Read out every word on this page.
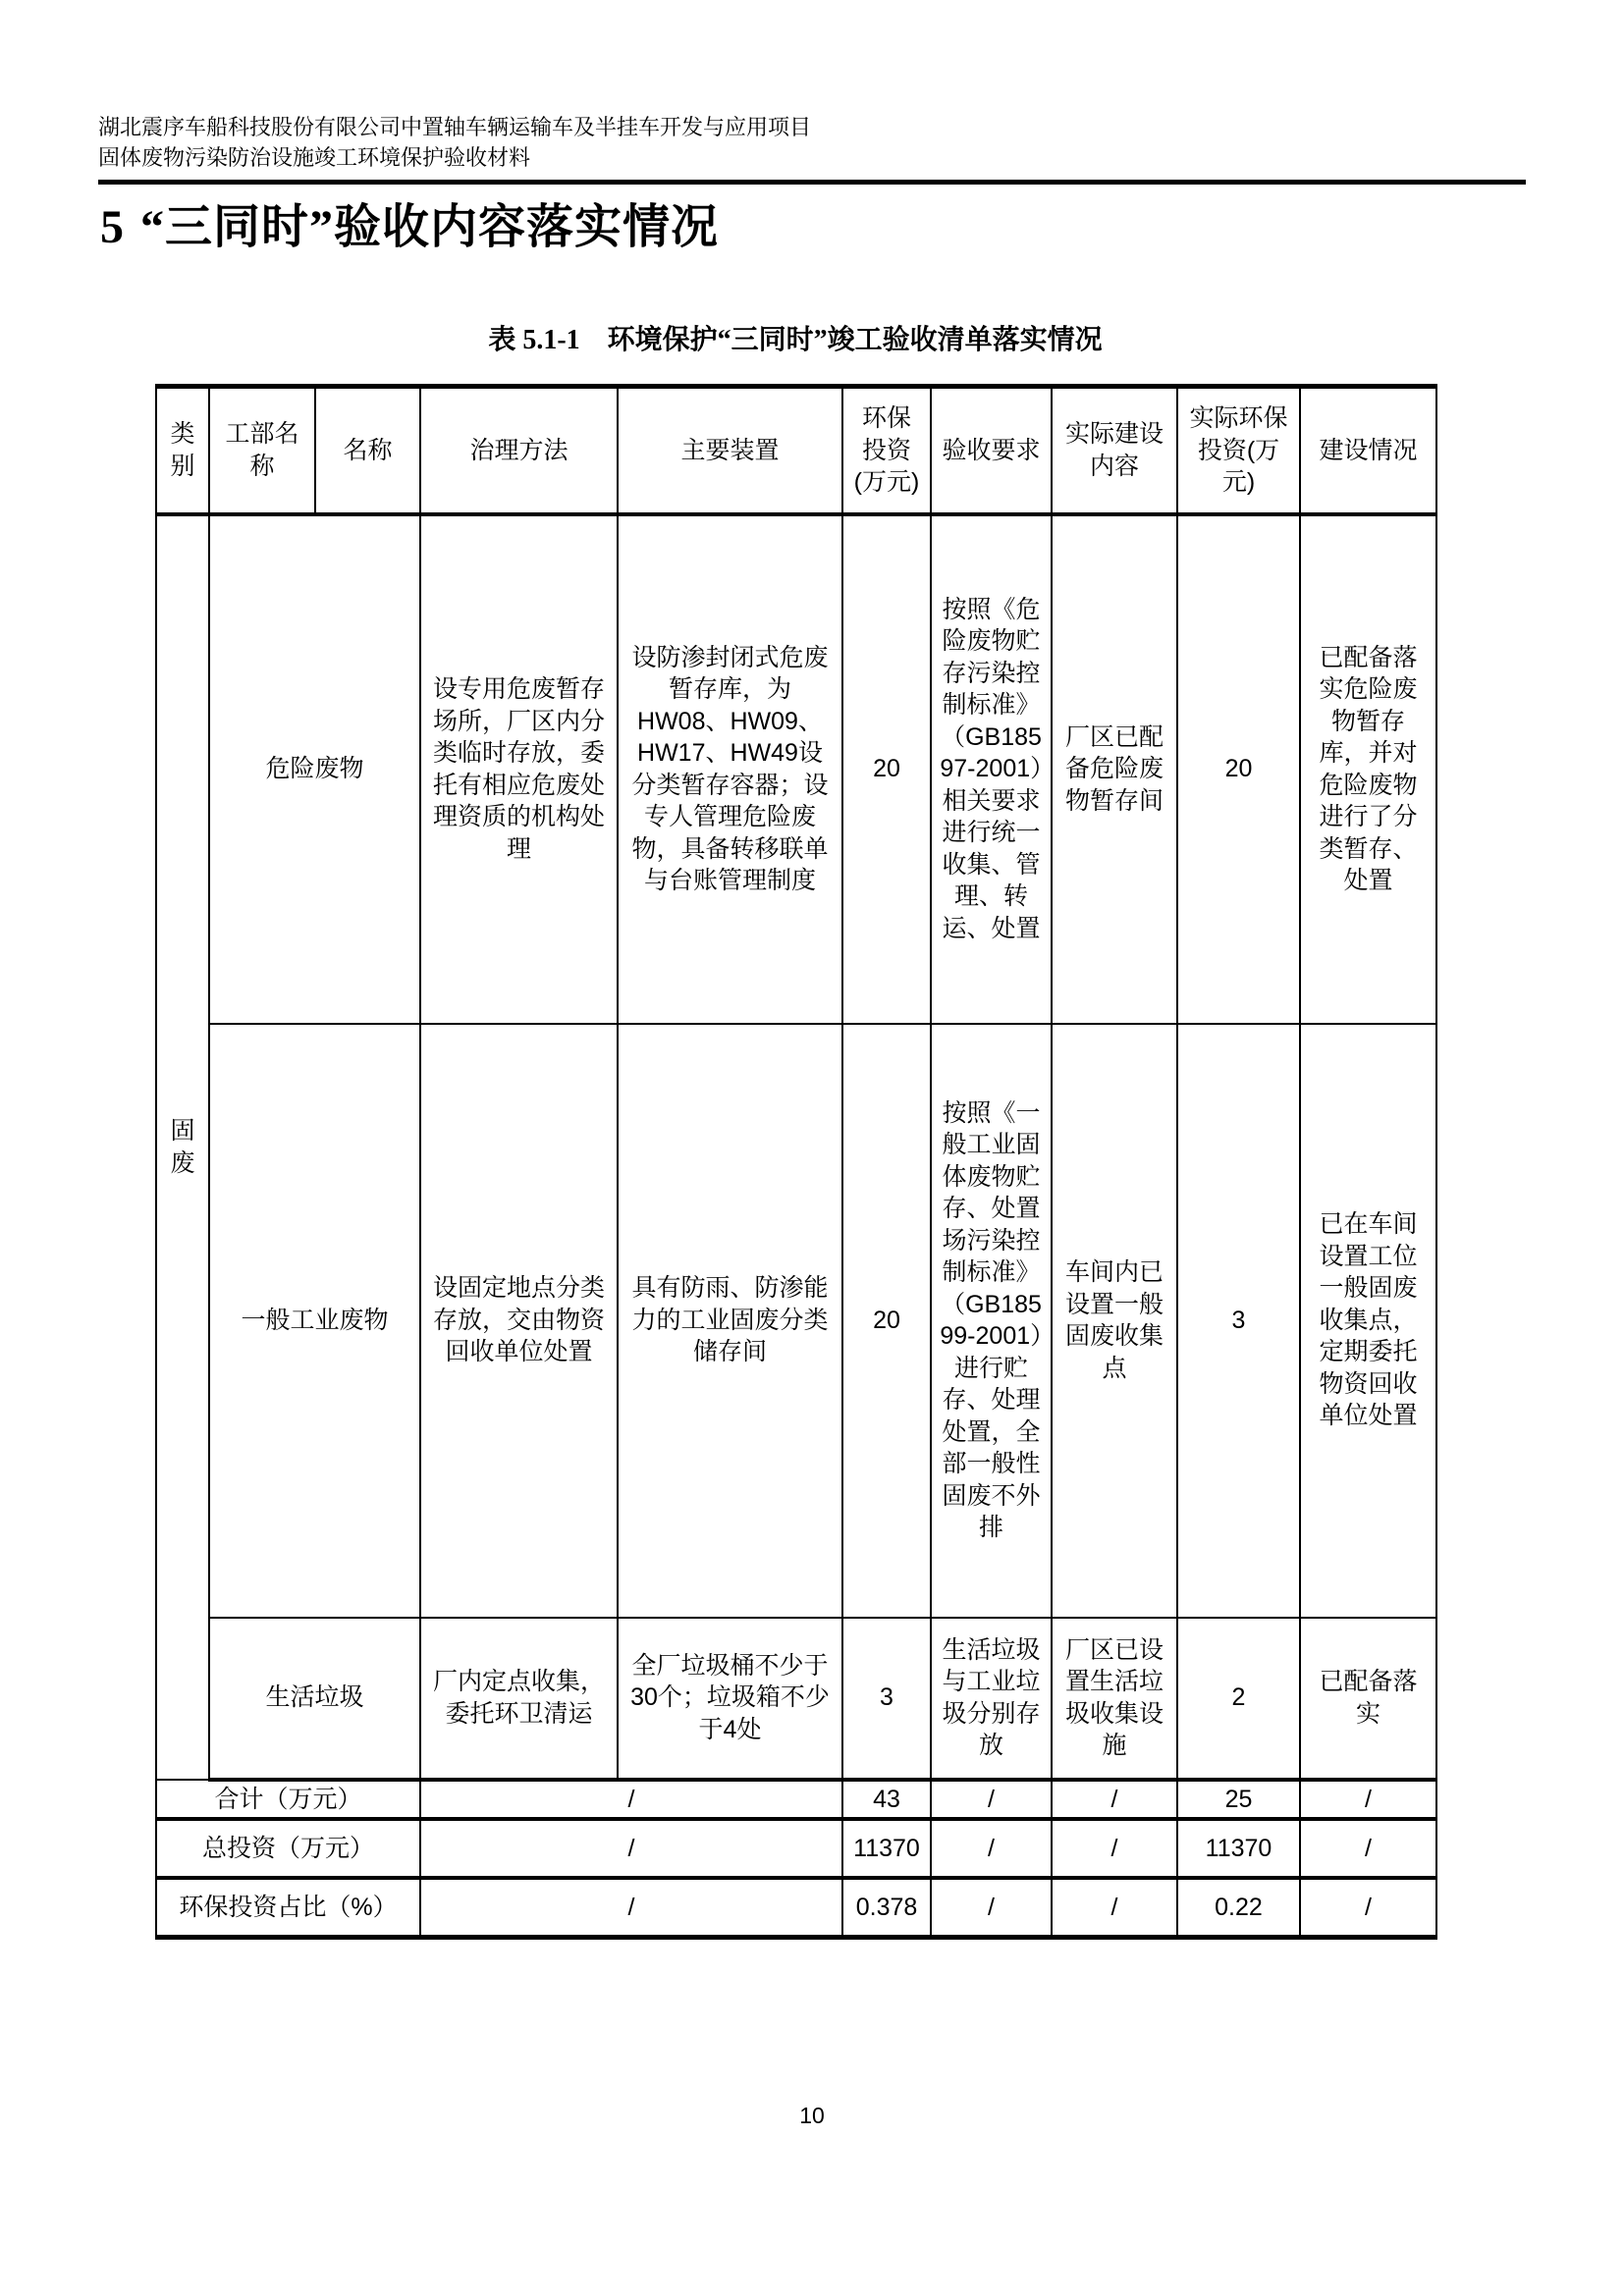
湖北震序车船科技股份有限公司中置轴车辆运输车及半挂车开发与应用项目
固体废物污染防治设施竣工环境保护验收材料
5 “三同时”验收内容落实情况
表 5.1-1　环境保护“三同时”竣工验收清单落实情况
类别	工部名称	名称	治理方法	主要装置	环保投资(万元)	验收要求	实际建设内容	实际环保投资(万元)	建设情况
固废	危险废物		设专用危废暂存场所，厂区内分类临时存放，委托有相应危废处理资质的机构处理	设防渗封闭式危废暂存库，为HW08、HW09、HW17、HW49设分类暂存容器；设专人管理危险废物，具备转移联单与台账管理制度	20	按照《危险废物贮存污染控制标准》（GB18597-2001）相关要求进行统一收集、管理、转运、处置	厂区已配备危险废物暂存间	20	已配备落实危险废物暂存库，并对危险废物进行了分类暂存、处置
	一般工业废物		设固定地点分类存放，交由物资回收单位处置	具有防雨、防渗能力的工业固废分类储存间	20	按照《一般工业固体废物贮存、处置场污染控制标准》（GB18599-2001）进行贮存、处理处置，全部一般性固废不外排	车间内已设置一般固废收集点	3	已在车间设置工位一般固废收集点，定期委托物资回收单位处置
	生活垃圾		厂内定点收集，委托环卫清运	全厂垃圾桶不少于30个；垃圾箱不少于4处	3	生活垃圾与工业垃圾分别存放	厂区已设置生活垃圾收集设施	2	已配备落实
合计（万元）			/		43	/	/	25	/
总投资（万元）			/		11370	/	/	11370	/
环保投资占比（%）			/		0.378	/	/	0.22	/
10
